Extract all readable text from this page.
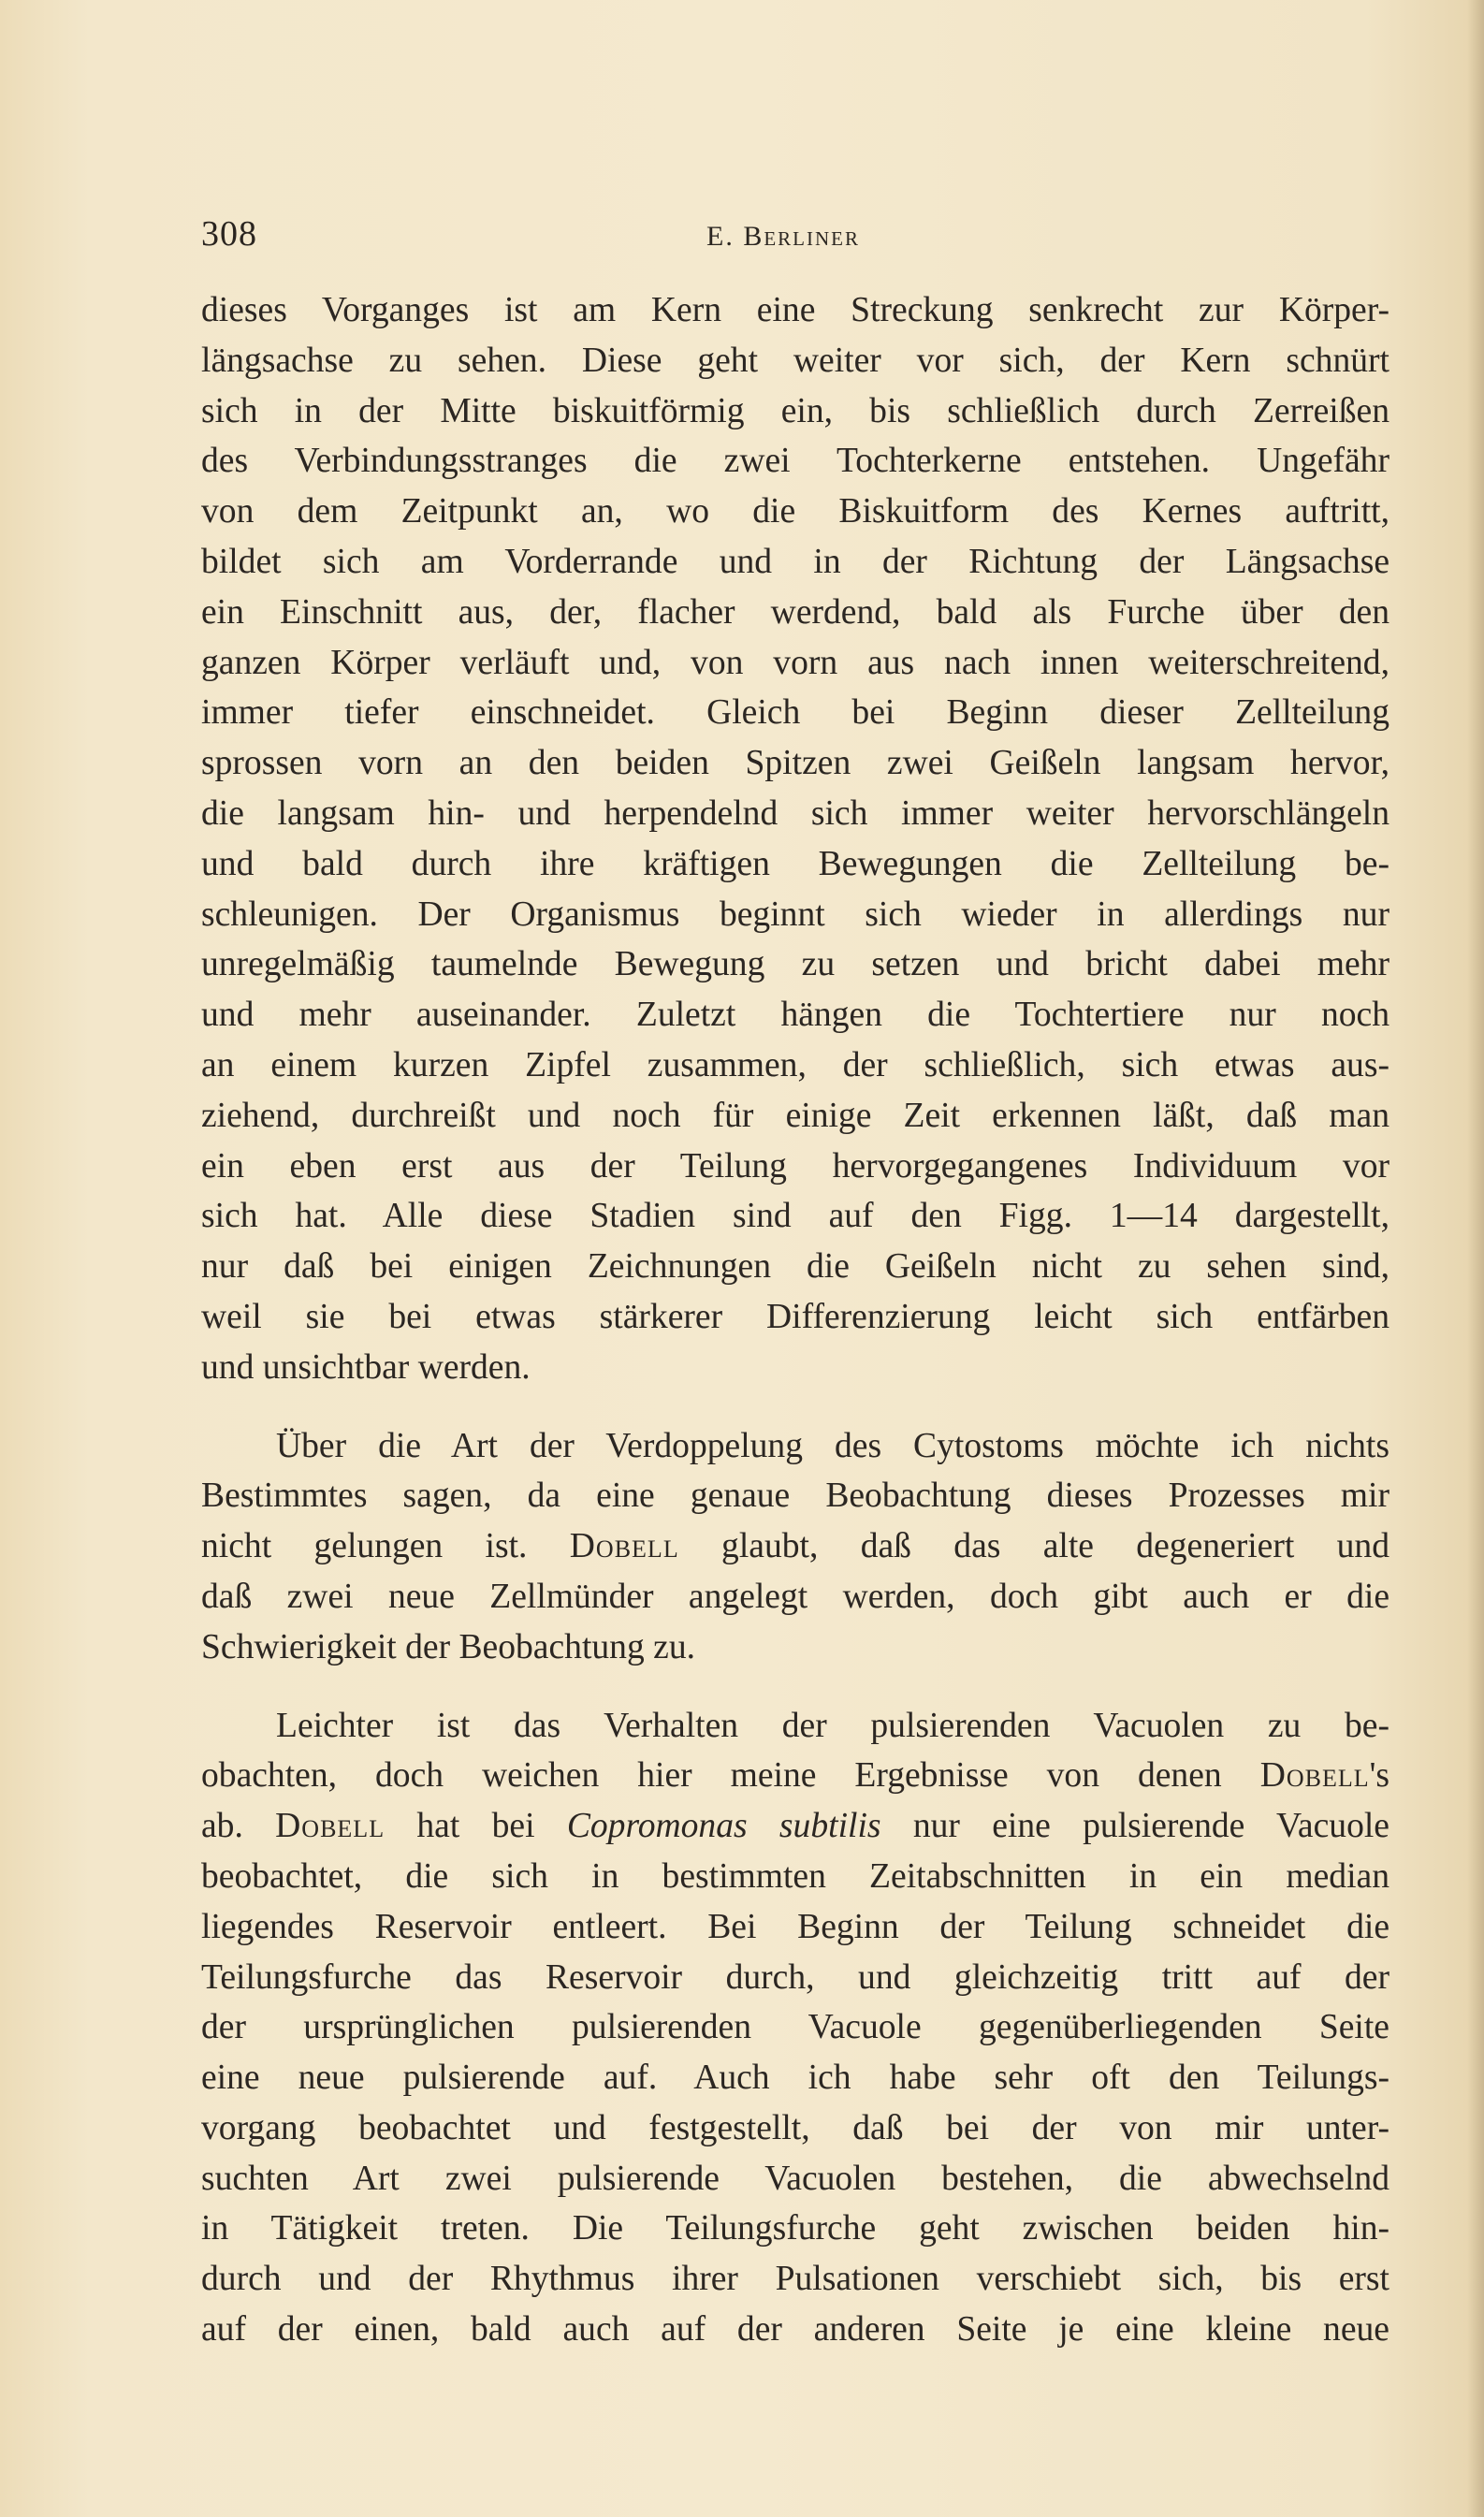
308	E. Berliner
dieses Vorganges ist am Kern eine Streckung senkrecht zur Körper-
längsachse zu sehen. Diese geht weiter vor sich, der Kern schnürt
sich in der Mitte biskuitförmig ein, bis schließlich durch Zerreißen
des Verbindungsstranges die zwei Tochterkerne entstehen. Ungefähr
von dem Zeitpunkt an, wo die Biskuitform des Kernes auftritt,
bildet sich am Vorderrande und in der Richtung der Längsachse
ein Einschnitt aus, der, flacher werdend, bald als Furche über den
ganzen Körper verläuft und, von vorn aus nach innen weiterschreitend,
immer tiefer einschneidet. Gleich bei Beginn dieser Zellteilung
sprossen vorn an den beiden Spitzen zwei Geißeln langsam hervor,
die langsam hin- und herpendelnd sich immer weiter hervorschlängeln
und bald durch ihre kräftigen Bewegungen die Zellteilung be-
schleunigen. Der Organismus beginnt sich wieder in allerdings nur
unregelmäßig taumelnde Bewegung zu setzen und bricht dabei mehr
und mehr auseinander. Zuletzt hängen die Tochtertiere nur noch
an einem kurzen Zipfel zusammen, der schließlich, sich etwas aus-
ziehend, durchreißt und noch für einige Zeit erkennen läßt, daß man
ein eben erst aus der Teilung hervorgegangenes Individuum vor
sich hat. Alle diese Stadien sind auf den Figg. 1—14 dargestellt,
nur daß bei einigen Zeichnungen die Geißeln nicht zu sehen sind,
weil sie bei etwas stärkerer Differenzierung leicht sich entfärben
und unsichtbar werden.
Über die Art der Verdoppelung des Cytostoms möchte ich nichts
Bestimmtes sagen, da eine genaue Beobachtung dieses Prozesses mir
nicht gelungen ist. Dobell glaubt, daß das alte degeneriert und
daß zwei neue Zellmünder angelegt werden, doch gibt auch er die
Schwierigkeit der Beobachtung zu.
Leichter ist das Verhalten der pulsierenden Vacuolen zu be-
obachten, doch weichen hier meine Ergebnisse von denen Dobell's
ab. Dobell hat bei Copromonas subtilis nur eine pulsierende Vacuole
beobachtet, die sich in bestimmten Zeitabschnitten in ein median
liegendes Reservoir entleert. Bei Beginn der Teilung schneidet die
Teilungsfurche das Reservoir durch, und gleichzeitig tritt auf der
der ursprünglichen pulsierenden Vacuole gegenüberliegenden Seite
eine neue pulsierende auf. Auch ich habe sehr oft den Teilungs-
vorgang beobachtet und festgestellt, daß bei der von mir unter-
suchten Art zwei pulsierende Vacuolen bestehen, die abwechselnd
in Tätigkeit treten. Die Teilungsfurche geht zwischen beiden hin-
durch und der Rhythmus ihrer Pulsationen verschiebt sich, bis erst
auf der einen, bald auch auf der anderen Seite je eine kleine neue
